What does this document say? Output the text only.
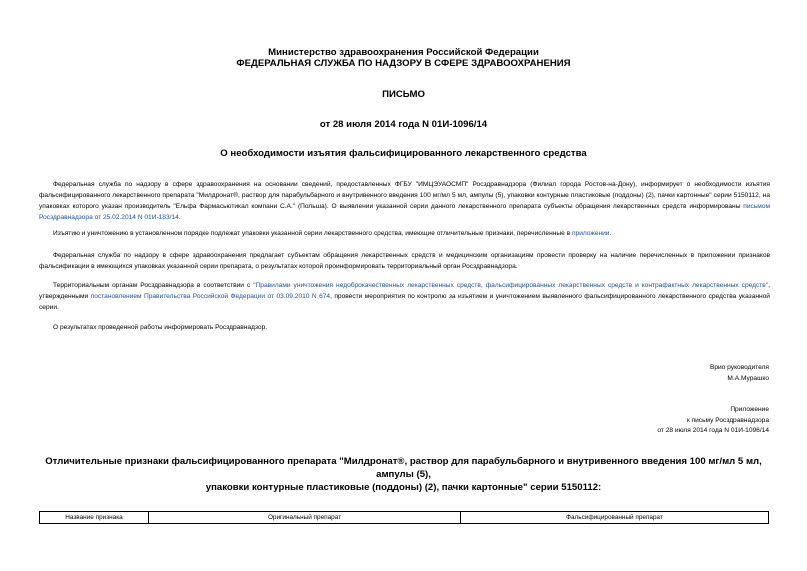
Министерство здравоохранения Российской Федерации
ФЕДЕРАЛЬНАЯ СЛУЖБА ПО НАДЗОРУ В СФЕРЕ ЗДРАВООХРАНЕНИЯ
ПИСЬМО
от 28 июля 2014 года N 01И-1096/14
О необходимости изъятия фальсифицированного лекарственного средства
Федеральная служба по надзору в сфере здравоохранения на основании сведений, предоставленных ФГБУ "ИМЦЭУАОСМП" Росздравнадзора (Филиал города Ростов-на-Дону), информирует о необходимости изъятия фальсифицированного лекарственного препарата "Милдронат®, раствор для парабульбарного и внутривенного введения 100 мг/мл 5 мл, ампулы (5), упаковки контурные пластиковые (поддоны) (2), пачки картонные" серии 5150112, на упаковках которого указан производитель "Ельфа Фармасьютикал компани С.А." (Польша). О выявлении указанной серии данного лекарственного препарата субъекты обращения лекарственных средств информированы письмом Росздравнадзора от 25.02.2014 N 01И-183/14.
Изъятию и уничтожению в установленном порядке подлежат упаковки указанной серии лекарственного средства, имеющие отличительные признаки, перечисленные в приложении.
Федеральная служба по надзору в сфере здравоохранения предлагает субъектам обращения лекарственных средств и медицинским организациям провести проверку на наличие перечисленных в приложении признаков фальсификации в имеющихся упаковках указанной серии препарата, о результатах которой проинформировать территориальный орган Росздравнадзора.
Территориальным органам Росздравнадзора в соответствии с "Правилами уничтожения недоброкачественных лекарственных средств, фальсифицированных лекарственных средств и контрафактных лекарственных средств", утвержденными постановлением Правительства Российской Федерации от 03.09.2010 N 674, провести мероприятия по контролю за изъятием и уничтожением выявленного фальсифицированного лекарственного средства указанной серии.
О результатах проведенной работы информировать Росздравнадзор.
Врио руководителя
М.А.Мурашко
Приложение
к письму Росздравнадзора
от 28 июля 2014 года N 01И-1096/14
Отличительные признаки фальсифицированного препарата "Милдронат®, раствор для парабульбарного и внутривенного введения 100 мг/мл 5 мл, ампулы (5),
упаковки контурные пластиковые (поддоны) (2), пачки картонные" серии 5150112:
Название признака	Оригинальный препарат	Фальсифицированный препарат
